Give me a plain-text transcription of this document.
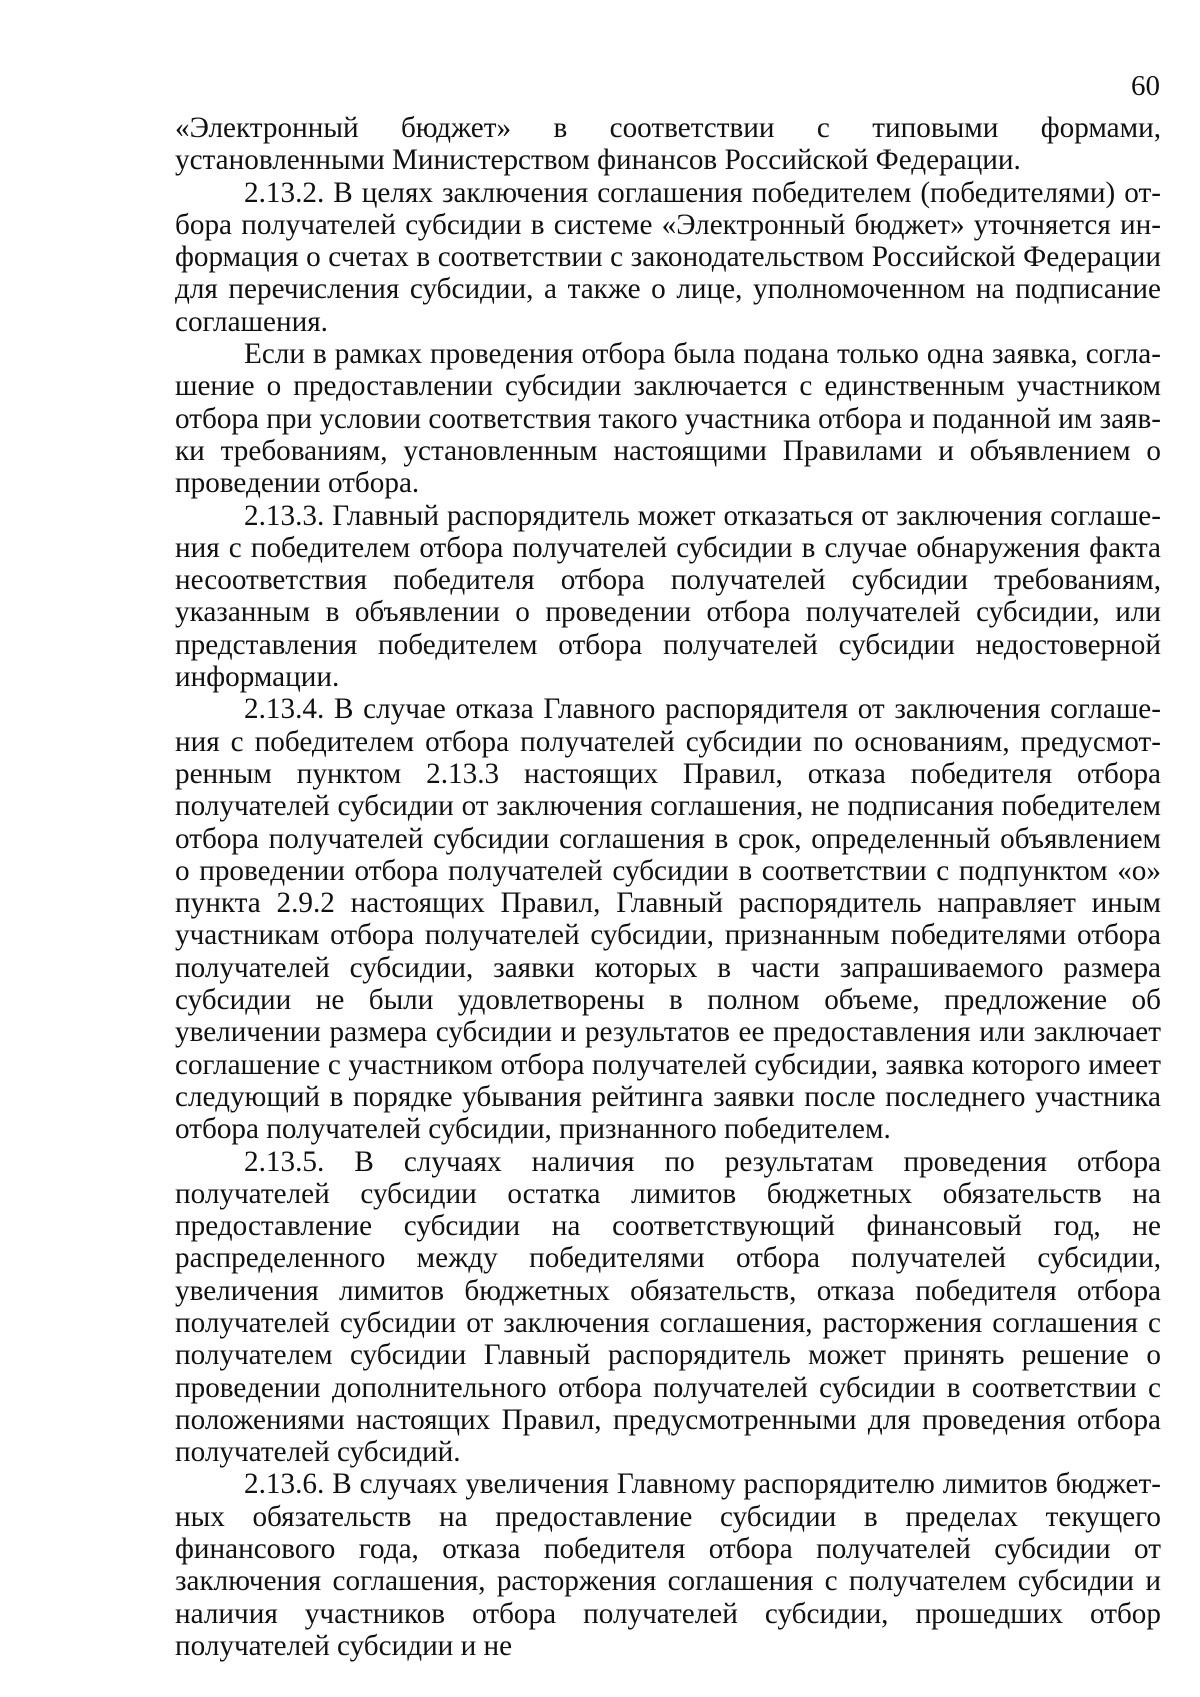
60

«Электронный бюджет» в соответствии с типовыми формами, установленными Министерством финансов Российской Федерации.

2.13.2. В целях заключения соглашения победителем (победителями) отбора получателей субсидии в системе «Электронный бюджет» уточняется информация о счетах в соответствии с законодательством Российской Федерации для перечисления субсидии, а также о лице, уполномоченном на подписание соглашения.

Если в рамках проведения отбора была подана только одна заявка, соглашение о предоставлении субсидии заключается с единственным участником отбора при условии соответствия такого участника отбора и поданной им заявки требованиям, установленным настоящими Правилами и объявлением о проведении отбора.

2.13.3. Главный распорядитель может отказаться от заключения соглашения с победителем отбора получателей субсидии в случае обнаружения факта несоответствия победителя отбора получателей субсидии требованиям, указанным в объявлении о проведении отбора получателей субсидии, или представления победителем отбора получателей субсидии недостоверной информации.

2.13.4. В случае отказа Главного распорядителя от заключения соглашения с победителем отбора получателей субсидии по основаниям, предусмотренным пунктом 2.13.3 настоящих Правил, отказа победителя отбора получателей субсидии от заключения соглашения, не подписания победителем отбора получателей субсидии соглашения в срок, определенный объявлением о проведении отбора получателей субсидии в соответствии с подпунктом «о» пункта 2.9.2 настоящих Правил, Главный распорядитель направляет иным участникам отбора получателей субсидии, признанным победителями отбора получателей субсидии, заявки которых в части запрашиваемого размера субсидии не были удовлетворены в полном объеме, предложение об увеличении размера субсидии и результатов ее предоставления или заключает соглашение с участником отбора получателей субсидии, заявка которого имеет следующий в порядке убывания рейтинга заявки после последнего участника отбора получателей субсидии, признанного победителем.

2.13.5. В случаях наличия по результатам проведения отбора получателей субсидии остатка лимитов бюджетных обязательств на предоставление субсидии на соответствующий финансовый год, не распределенного между победителями отбора получателей субсидии, увеличения лимитов бюджетных обязательств, отказа победителя отбора получателей субсидии от заключения соглашения, расторжения соглашения с получателем субсидии Главный распорядитель может принять решение о проведении дополнительного отбора получателей субсидии в соответствии с положениями настоящих Правил, предусмотренными для проведения отбора получателей субсидий.

2.13.6. В случаях увеличения Главному распорядителю лимитов бюджетных обязательств на предоставление субсидии в пределах текущего финансового года, отказа победителя отбора получателей субсидии от заключения соглашения, расторжения соглашения с получателем субсидии и наличия участников отбора получателей субсидии, прошедших отбор получателей субсидии и не
